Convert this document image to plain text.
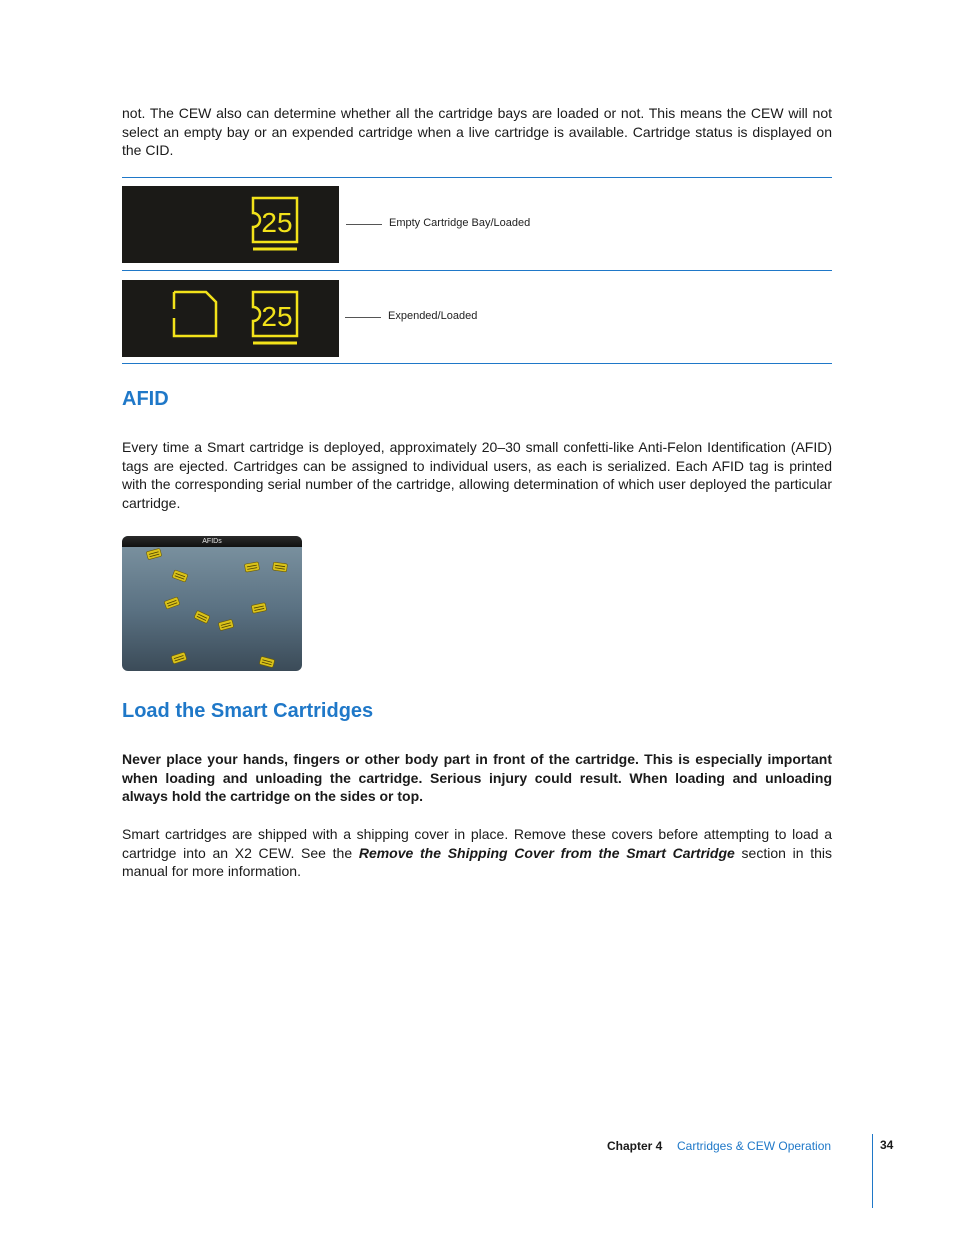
not. The CEW also can determine whether all the cartridge bays are loaded or not. This means the CEW will not select an empty bay or an expended cartridge when a live cartridge is available. Cartridge status is displayed on the CID.

25	Empty Cartridge Bay/Loaded
25	Expended/Loaded
AFID

Every time a Smart cartridge is deployed, approximately 20–30 small confetti-like Anti-Felon Identification (AFID) tags are ejected. Cartridges can be assigned to individual users, as each is serialized. Each AFID tag is printed with the corresponding serial number of the cartridge, allowing determination of which user deployed the particular cartridge.

AFIDs
Load the Smart Cartridges

Never place your hands, fingers or other body part in front of the cartridge. This is especially important when loading and unloading the cartridge. Serious injury could result. When loading and unloading always hold the cartridge on the sides or top.

Smart cartridges are shipped with a shipping cover in place. Remove these covers before attempting to load a cartridge into an X2 CEW. See the Remove the Shipping Cover from the Smart Cartridge section in this manual for more information.

Chapter 4 Cartridges & CEW Operation	34
